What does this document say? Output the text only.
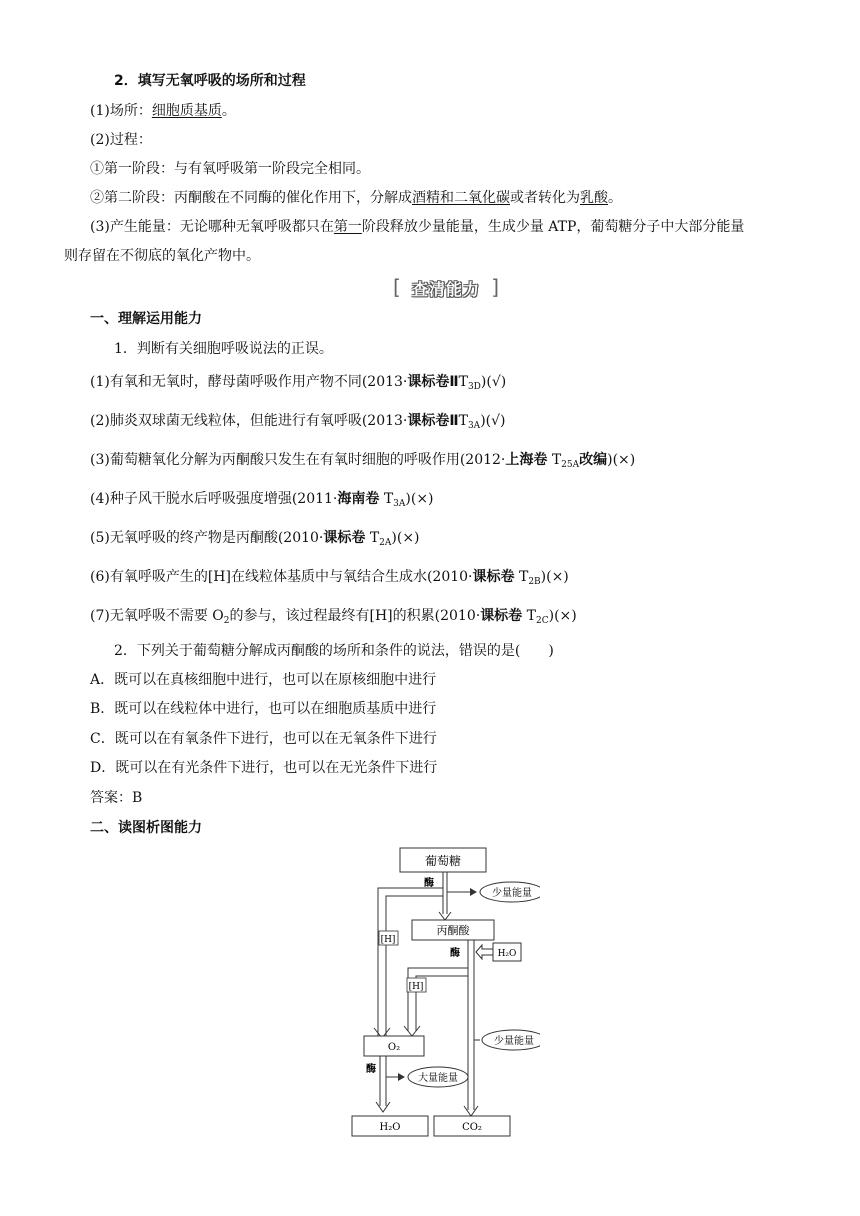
2．填写无氧呼吸的场所和过程
(1)场所：细胞质基质。
(2)过程：
①第一阶段：与有氧呼吸第一阶段完全相同。
②第二阶段：丙酮酸在不同酶的催化作用下，分解成酒精和二氧化碳或者转化为乳酸。
(3)产生能量：无论哪种无氧呼吸都只在第一阶段释放少量能量，生成少量 ATP，葡萄糖分子中大部分能量
则存留在不彻底的氧化产物中。
[ 查清能力 ]
一、理解运用能力
1．判断有关细胞呼吸说法的正误。
(1)有氧和无氧时，酵母菌呼吸作用产物不同(2013·课标卷$ⅡT_{3D})(√)$
(2)肺炎双球菌无线粒体，但能进行有氧呼吸(2013·课标卷$ⅡT_{3A})(√)$
(3)葡萄糖氧化分解为丙酮酸只发生在有氧时细胞的呼吸作用(2012·上海卷 $T_{25A}$改编)(×)
(4)种子风干脱水后呼吸强度增强(2011·海南卷 $T_{3A})(\times)$
(5)无氧呼吸的终产物是丙酮酸(2010·课标卷 $T_{2A})(\times)$
(6)有氧呼吸产生的[H]在线粒体基质中与氧结合生成水(2010·课标卷 $T_{2B})(\times)$
(7)无氧呼吸不需要 $O_2$的参与，该过程最终有[H]的积累(2010·课标卷 $T_{2C})(\times)$
2．下列关于葡萄糖分解成丙酮酸的场所和条件的说法，错误的是(　　)
A．既可以在真核细胞中进行，也可以在原核细胞中进行
B．既可以在线粒体中进行，也可以在细胞质基质中进行
C．既可以在有氧条件下进行，也可以在无氧条件下进行
D．既可以在有光条件下进行，也可以在无光条件下进行
答案：B
二、读图析图能力
葡萄糖
酶
少量能量
丙酮酸
[H]
酶	H₂O
[H]
少量能量
O₂
酶
大量能量
H₂O	CO₂
